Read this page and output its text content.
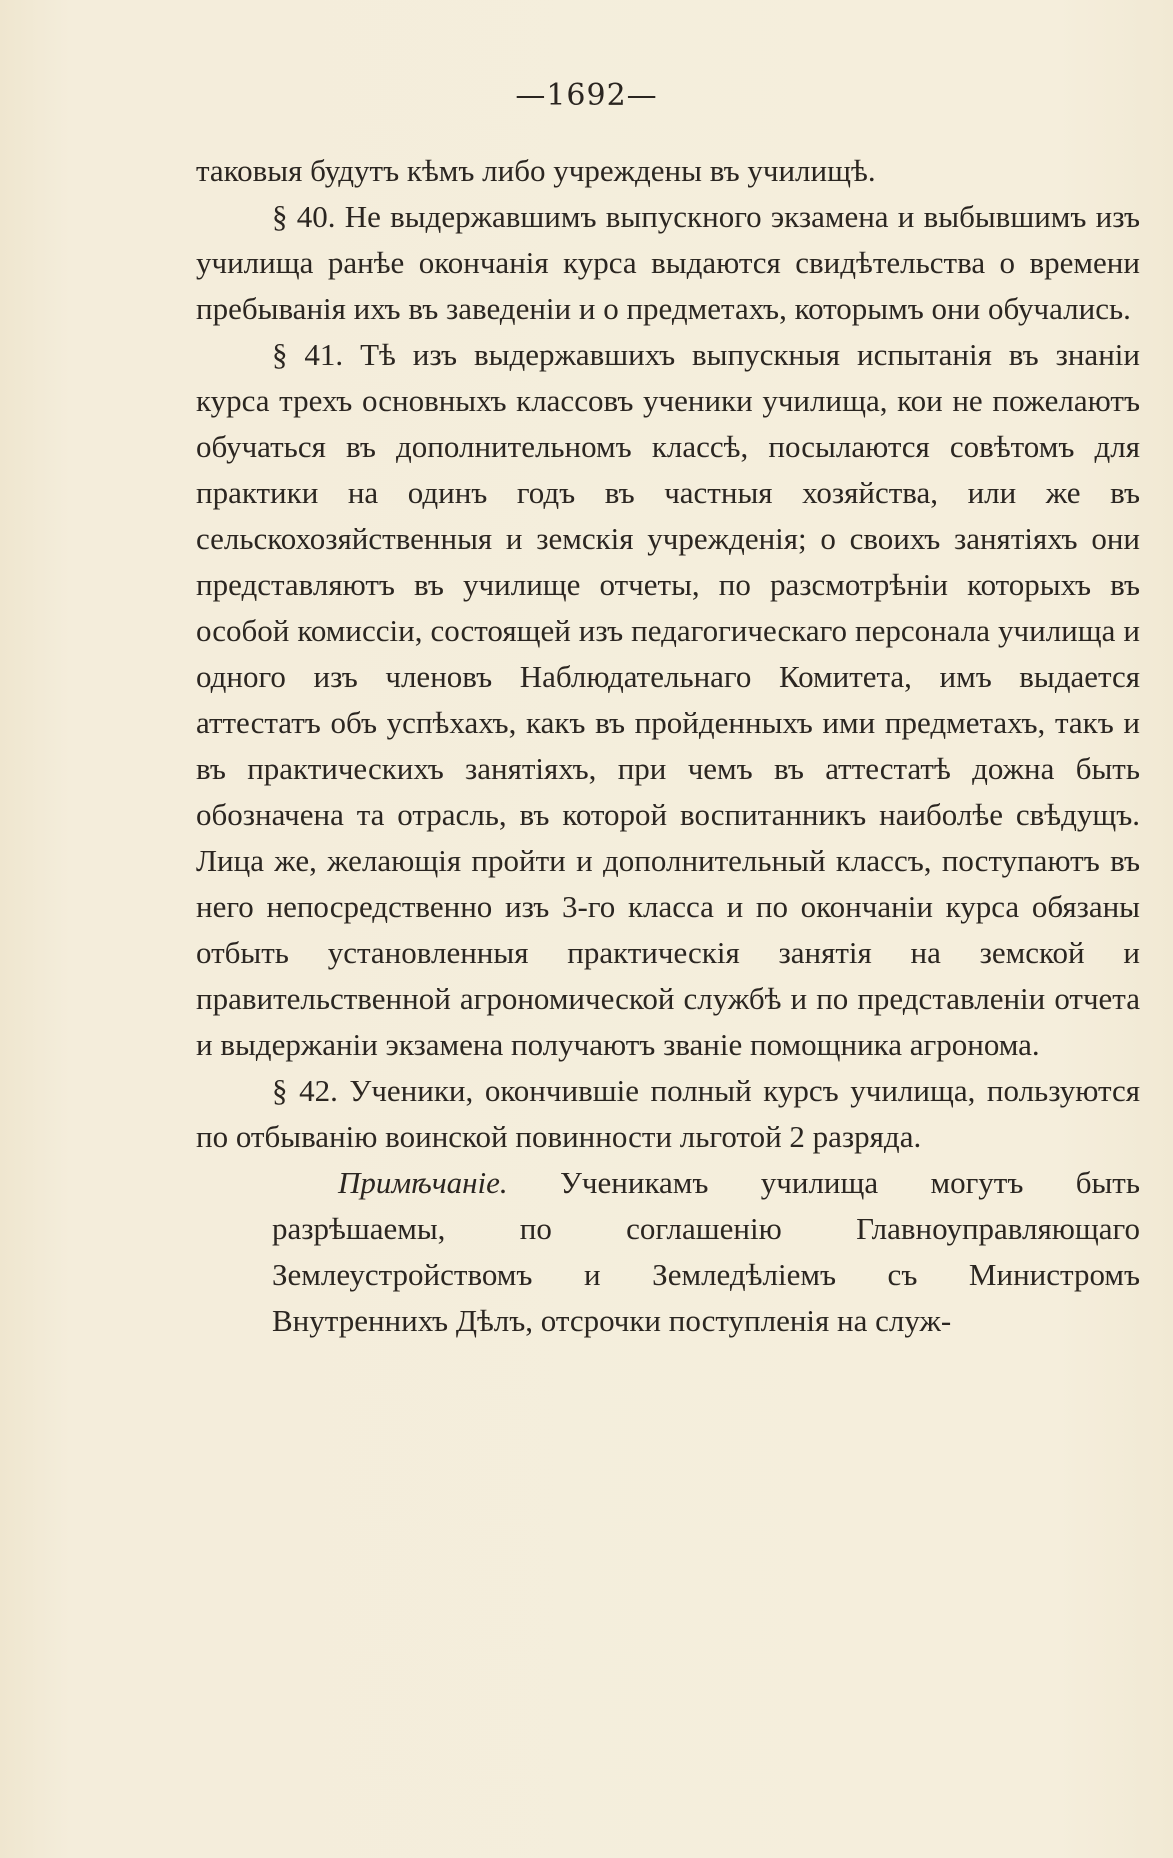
—1692—

таковыя будутъ кѣмъ либо учреждены въ училищѣ.

§ 40. Не выдержавшимъ выпускного экзамена и выбывшимъ изъ училища ранѣе окончанія курса выдаются свидѣтельства о времени пребыванія ихъ въ заведеніи и о предметахъ, которымъ они обучались.

§ 41. Тѣ изъ выдержавшихъ выпускныя испытанія въ знаніи курса трехъ основныхъ классовъ ученики училища, кои не пожелаютъ обучаться въ дополнительномъ классѣ, посылаются совѣтомъ для практики на одинъ годъ въ частныя хозяйства, или же въ сельскохозяйственныя и земскія учрежденія; о своихъ занятіяхъ они представляютъ въ училище отчеты, по разсмотрѣніи которыхъ въ особой комиссіи, состоящей изъ педагогическаго персонала училища и одного изъ членовъ Наблюдательнаго Комитета, имъ выдается аттестатъ объ успѣхахъ, какъ въ пройденныхъ ими предметахъ, такъ и въ практическихъ занятіяхъ, при чемъ въ аттестатѣ дожна быть обозначена та отрасль, въ которой воспитанникъ наиболѣе свѣдущъ. Лица же, желающія пройти и дополнительный классъ, поступаютъ въ него непосредственно изъ 3-го класса и по окончаніи курса обязаны отбыть установленныя практическія занятія на земской и правительственной агрономической службѣ и по представленіи отчета и выдержаніи экзамена получаютъ званіе помощника агронома.

§ 42. Ученики, окончившіе полный курсъ училища, пользуются по отбыванію воинской повинности льготой 2 разряда.

Примѣчаніе. Ученикамъ училища могутъ быть разрѣшаемы, по соглашенію Главноуправляющаго Землеустройствомъ и Земледѣліемъ съ Министромъ Внутреннихъ Дѣлъ, отсрочки поступленія на служ-
